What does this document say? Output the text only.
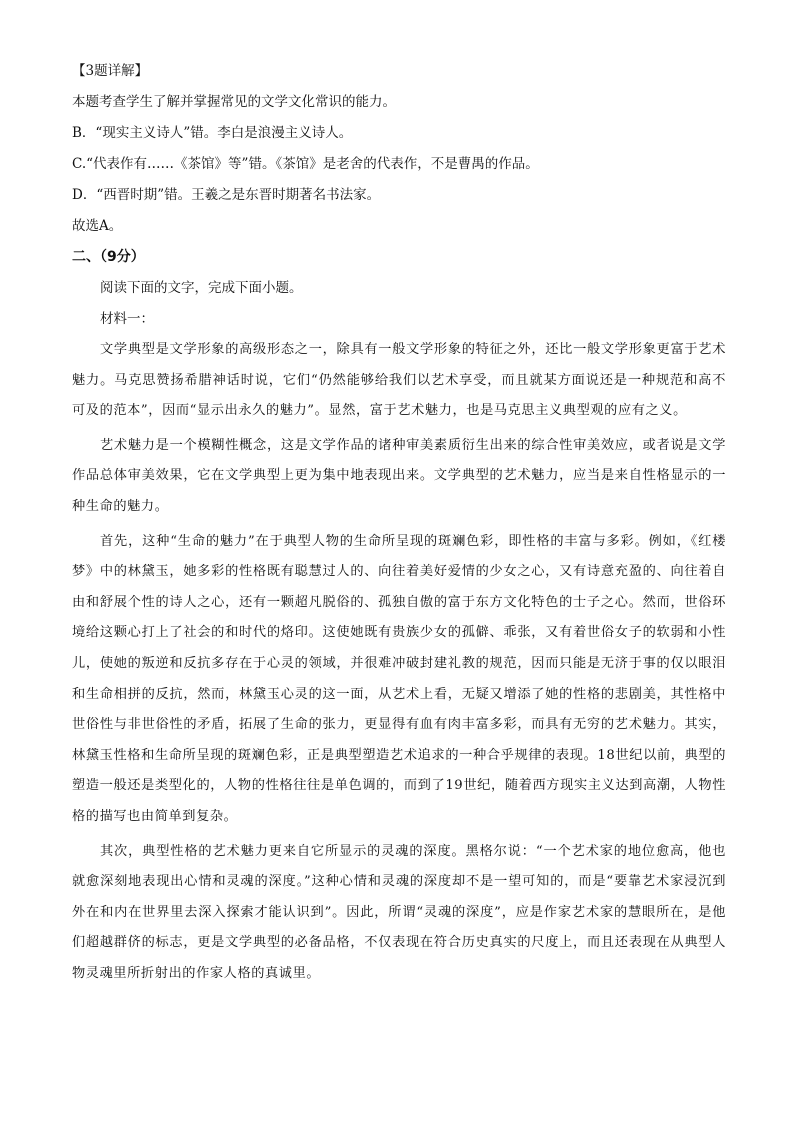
【3题详解】

本题考查学生了解并掌握常见的文学文化常识的能力。

B．“现实主义诗人”错。李白是浪漫主义诗人。

C.“代表作有……《茶馆》等”错。《茶馆》是老舍的代表作，不是曹禺的作品。

D．“西晋时期”错。王羲之是东晋时期著名书法家。

故选A。

二、（9分）

阅读下面的文字，完成下面小题。

材料一：

文学典型是文学形象的高级形态之一，除具有一般文学形象的特征之外，还比一般文学形象更富于艺术魅力。马克思赞扬希腊神话时说，它们“仍然能够给我们以艺术享受，而且就某方面说还是一种规范和高不可及的范本”，因而“显示出永久的魅力”。显然，富于艺术魅力，也是马克思主义典型观的应有之义。

艺术魅力是一个模糊性概念，这是文学作品的诸种审美素质衍生出来的综合性审美效应，或者说是文学作品总体审美效果，它在文学典型上更为集中地表现出来。文学典型的艺术魅力，应当是来自性格显示的一种生命的魅力。

首先，这种“生命的魅力”在于典型人物的生命所呈现的斑斓色彩，即性格的丰富与多彩。例如，《红楼梦》中的林黛玉，她多彩的性格既有聪慧过人的、向往着美好爱情的少女之心，又有诗意充盈的、向往着自由和舒展个性的诗人之心，还有一颗超凡脱俗的、孤独自傲的富于东方文化特色的士子之心。然而，世俗环境给这颗心打上了社会的和时代的烙印。这使她既有贵族少女的孤僻、乖张，又有着世俗女子的软弱和小性儿，使她的叛逆和反抗多存在于心灵的领域，并很难冲破封建礼教的规范，因而只能是无济于事的仅以眼泪和生命相拼的反抗，然而，林黛玉心灵的这一面，从艺术上看，无疑又增添了她的性格的悲剧美，其性格中世俗性与非世俗性的矛盾，拓展了生命的张力，更显得有血有肉丰富多彩，而具有无穷的艺术魅力。其实，林黛玉性格和生命所呈现的斑斓色彩，正是典型塑造艺术追求的一种合乎规律的表现。18世纪以前，典型的塑造一般还是类型化的，人物的性格往往是单色调的，而到了19世纪，随着西方现实主义达到高潮，人物性格的描写也由简单到复杂。

其次，典型性格的艺术魅力更来自它所显示的灵魂的深度。黑格尔说：“一个艺术家的地位愈高，他也就愈深刻地表现出心情和灵魂的深度。”这种心情和灵魂的深度却不是一望可知的，而是“要靠艺术家浸沉到外在和内在世界里去深入探索才能认识到”。因此，所谓“灵魂的深度”，应是作家艺术家的慧眼所在，是他们超越群侪的标志，更是文学典型的必备品格，不仅表现在符合历史真实的尺度上，而且还表现在从典型人物灵魂里所折射出的作家人格的真诚里。
